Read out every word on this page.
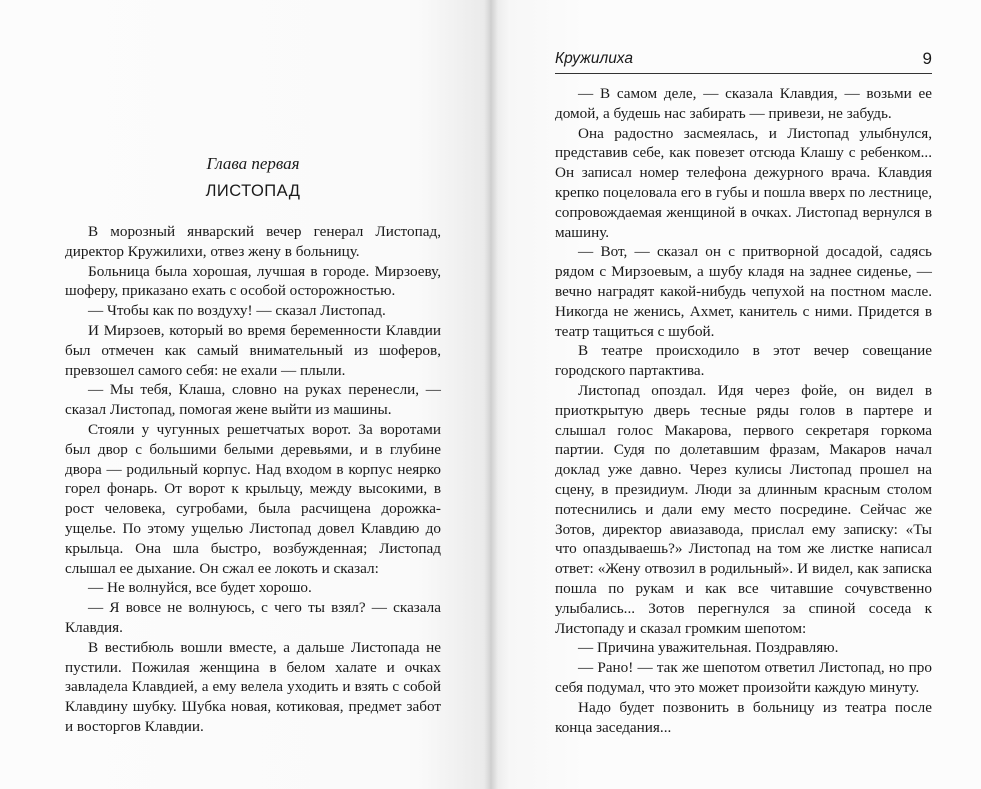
Глава первая
ЛИСТОПАД

В морозный январский вечер генерал Листопад, директор Кружилихи, отвез жену в больницу.

Больница была хорошая, лучшая в городе. Мирзоеву, шоферу, приказано ехать с особой осторожностью.

— Чтобы как по воздуху! — сказал Листопад.

И Мирзоев, который во время беременности Клавдии был отмечен как самый внимательный из шоферов, превзошел самого себя: не ехали — плыли.

— Мы тебя, Клаша, словно на руках перенесли, — сказал Листопад, помогая жене выйти из машины.

Стояли у чугунных решетчатых ворот. За воротами был двор с большими белыми деревьями, и в глубине двора — родильный корпус. Над входом в корпус неярко горел фонарь. От ворот к крыльцу, между высокими, в рост человека, сугробами, была расчищена дорожка-ущелье. По этому ущелью Листопад довел Клавдию до крыльца. Она шла быстро, возбужденная; Листопад слышал ее дыхание. Он сжал ее локоть и сказал:

— Не волнуйся, все будет хорошо.

— Я вовсе не волнуюсь, с чего ты взял? — сказала Клавдия.

В вестибюль вошли вместе, а дальше Листопада не пустили. Пожилая женщина в белом халате и очках завладела Клавдией, а ему велела уходить и взять с собой Клавдину шубку. Шубка новая, котиковая, предмет забот и восторгов Клавдии.

Кружилиха	9

— В самом деле, — сказала Клавдия, — возьми ее домой, а будешь нас забирать — привези, не забудь.

Она радостно засмеялась, и Листопад улыбнулся, представив себе, как повезет отсюда Клашу с ребенком... Он записал номер телефона дежурного врача. Клавдия крепко поцеловала его в губы и пошла вверх по лестнице, сопровождаемая женщиной в очках. Листопад вернулся в машину.

— Вот, — сказал он с притворной досадой, садясь рядом с Мирзоевым, а шубу кладя на заднее сиденье, — вечно наградят какой-нибудь чепухой на постном масле. Никогда не женись, Ахмет, канитель с ними. Придется в театр тащиться с шубой.

В театре происходило в этот вечер совещание городского партактива.

Листопад опоздал. Идя через фойе, он видел в приоткрытую дверь тесные ряды голов в партере и слышал голос Макарова, первого секретаря горкома партии. Судя по долетавшим фразам, Макаров начал доклад уже давно. Через кулисы Листопад прошел на сцену, в президиум. Люди за длинным красным столом потеснились и дали ему место посредине. Сейчас же Зотов, директор авиазавода, прислал ему записку: «Ты что опаздываешь?» Листопад на том же листке написал ответ: «Жену отвозил в родильный». И видел, как записка пошла по рукам и как все читавшие сочувственно улыбались... Зотов перегнулся за спиной соседа к Листопаду и сказал громким шепотом:

— Причина уважительная. Поздравляю.

— Рано! — так же шепотом ответил Листопад, но про себя подумал, что это может произойти каждую минуту.

Надо будет позвонить в больницу из театра после конца заседания...
